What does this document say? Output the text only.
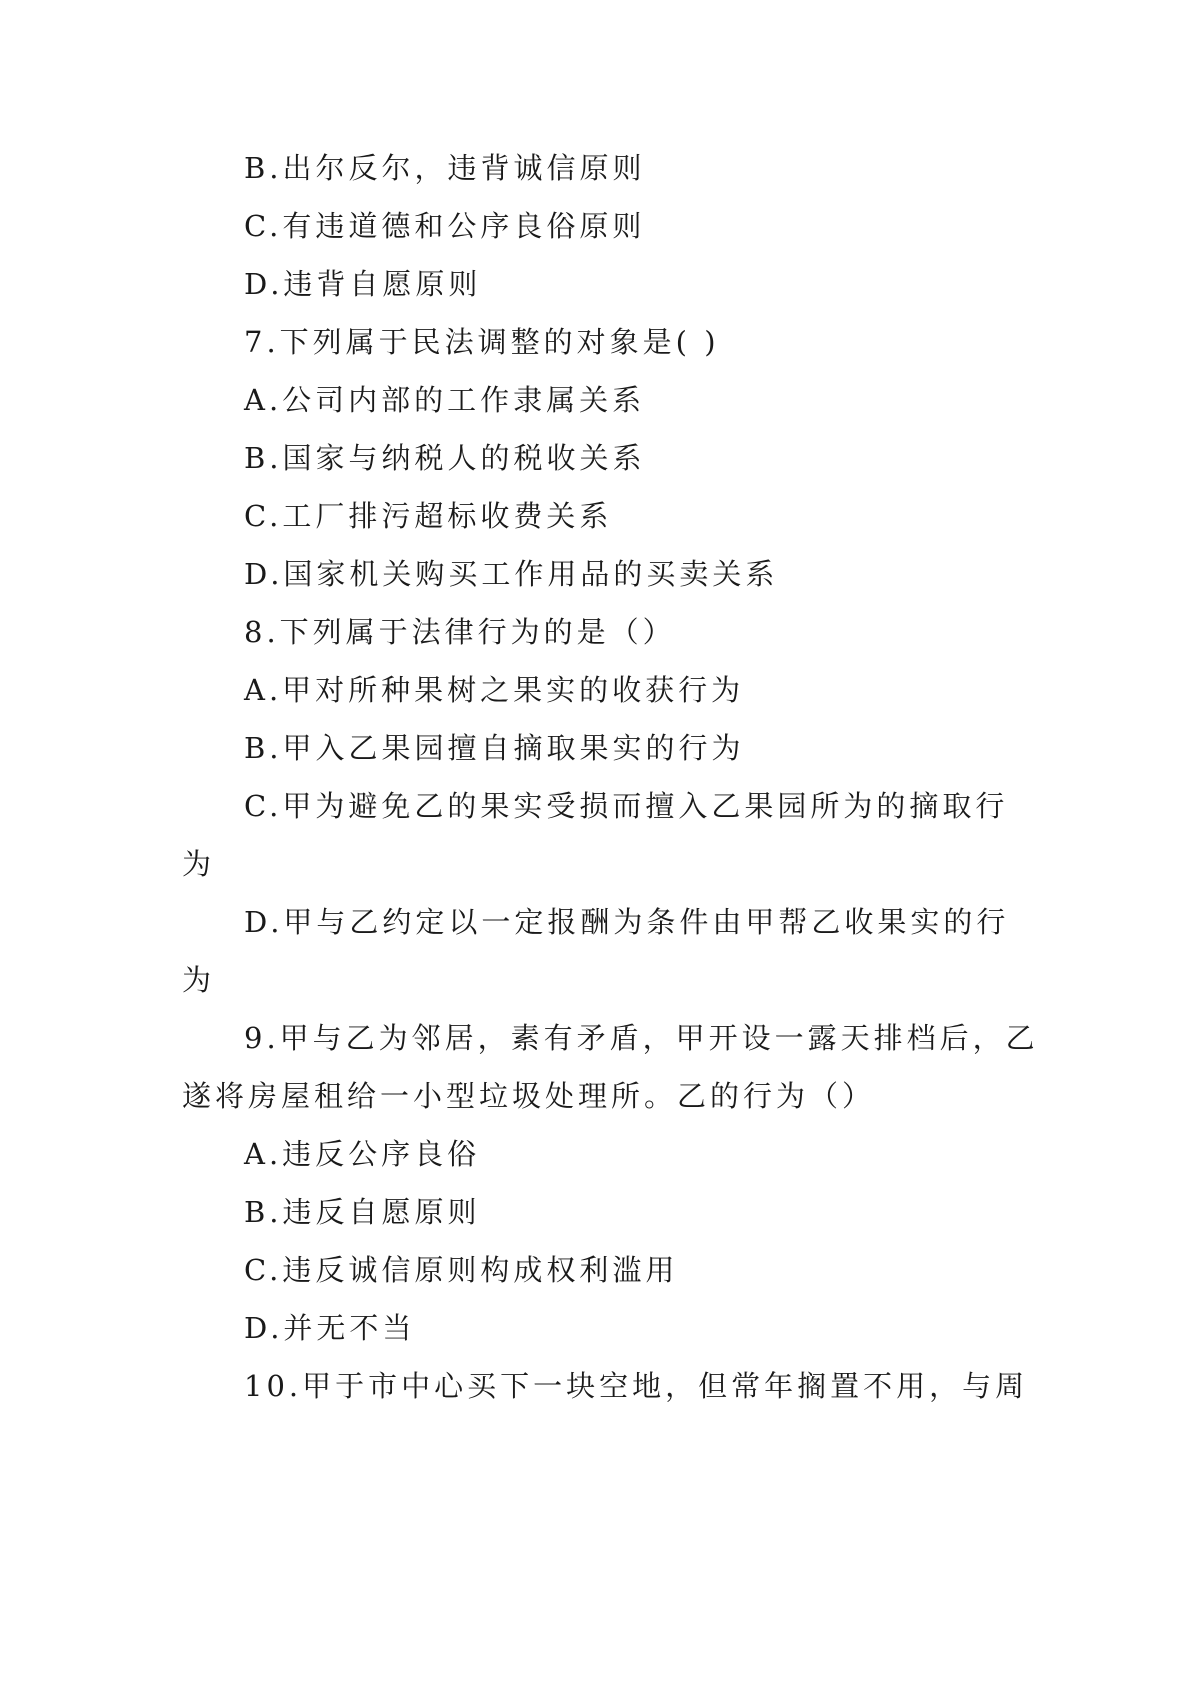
B.出尔反尔，违背诚信原则
C.有违道德和公序良俗原则
D.违背自愿原则
7.下列属于民法调整的对象是( )
A.公司内部的工作隶属关系
B.国家与纳税人的税收关系
C.工厂排污超标收费关系
D.国家机关购买工作用品的买卖关系
8.下列属于法律行为的是（）
A.甲对所种果树之果实的收获行为
B.甲入乙果园擅自摘取果实的行为
C.甲为避免乙的果实受损而擅入乙果园所为的摘取行
为
D.甲与乙约定以一定报酬为条件由甲帮乙收果实的行
为
9.甲与乙为邻居，素有矛盾，甲开设一露天排档后，乙
遂将房屋租给一小型垃圾处理所。乙的行为（）
A.违反公序良俗
B.违反自愿原则
C.违反诚信原则构成权利滥用
D.并无不当
10.甲于市中心买下一块空地，但常年搁置不用，与周
